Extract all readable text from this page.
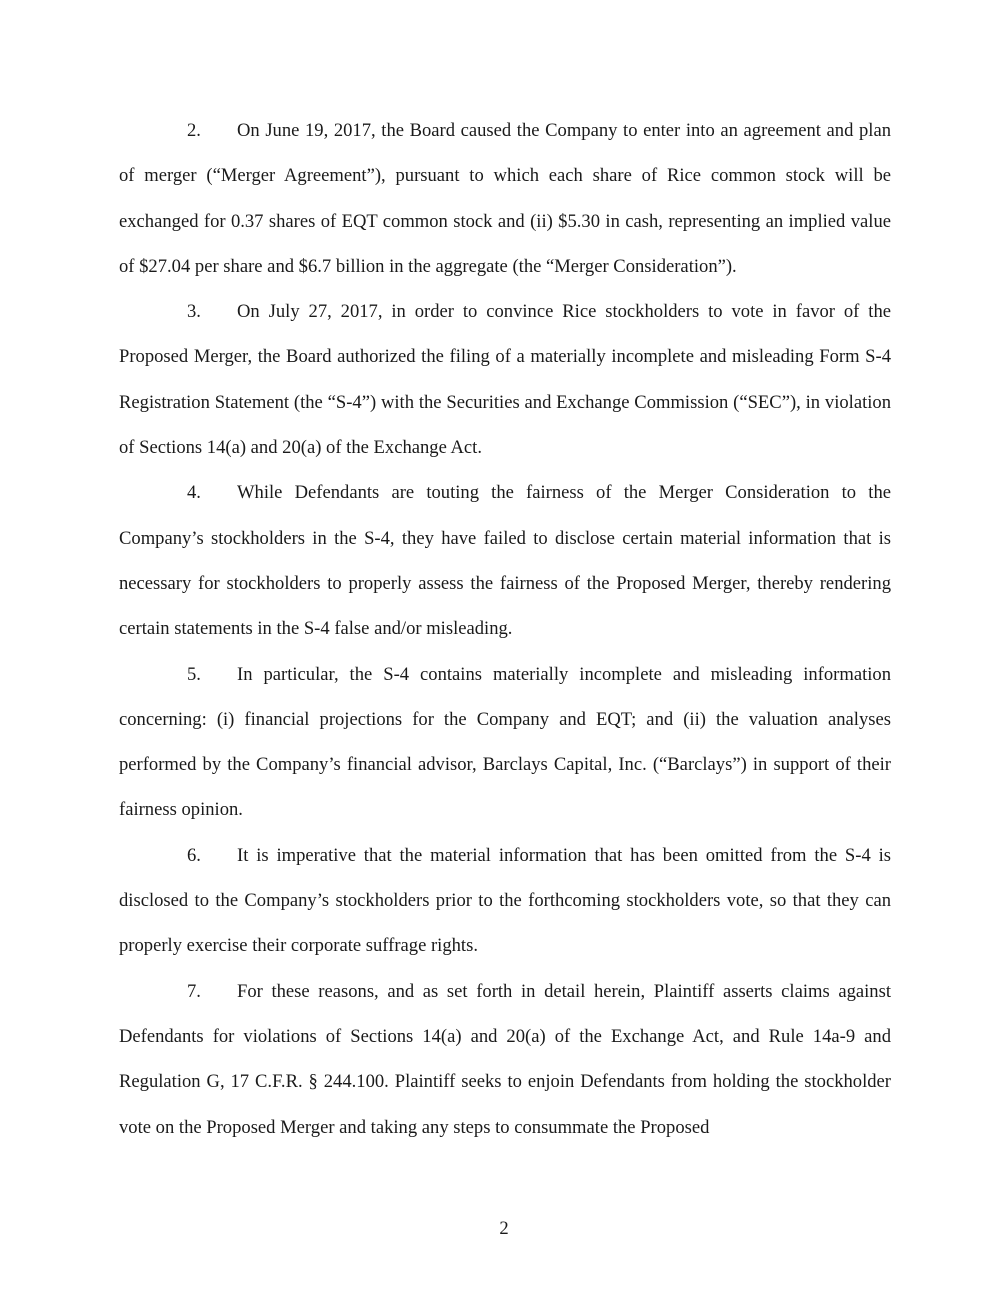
2. On June 19, 2017, the Board caused the Company to enter into an agreement and plan of merger (“Merger Agreement”), pursuant to which each share of Rice common stock will be exchanged for 0.37 shares of EQT common stock and (ii) $5.30 in cash, representing an implied value of $27.04 per share and $6.7 billion in the aggregate (the “Merger Consideration”).

3. On July 27, 2017, in order to convince Rice stockholders to vote in favor of the Proposed Merger, the Board authorized the filing of a materially incomplete and misleading Form S-4 Registration Statement (the “S-4”) with the Securities and Exchange Commission (“SEC”), in violation of Sections 14(a) and 20(a) of the Exchange Act.

4. While Defendants are touting the fairness of the Merger Consideration to the Company’s stockholders in the S-4, they have failed to disclose certain material information that is necessary for stockholders to properly assess the fairness of the Proposed Merger, thereby rendering certain statements in the S-4 false and/or misleading.

5. In particular, the S-4 contains materially incomplete and misleading information concerning: (i) financial projections for the Company and EQT; and (ii) the valuation analyses performed by the Company’s financial advisor, Barclays Capital, Inc. (“Barclays”) in support of their fairness opinion.

6. It is imperative that the material information that has been omitted from the S-4 is disclosed to the Company’s stockholders prior to the forthcoming stockholders vote, so that they can properly exercise their corporate suffrage rights.

7. For these reasons, and as set forth in detail herein, Plaintiff asserts claims against Defendants for violations of Sections 14(a) and 20(a) of the Exchange Act, and Rule 14a-9 and Regulation G, 17 C.F.R. § 244.100. Plaintiff seeks to enjoin Defendants from holding the stockholder vote on the Proposed Merger and taking any steps to consummate the Proposed

2
